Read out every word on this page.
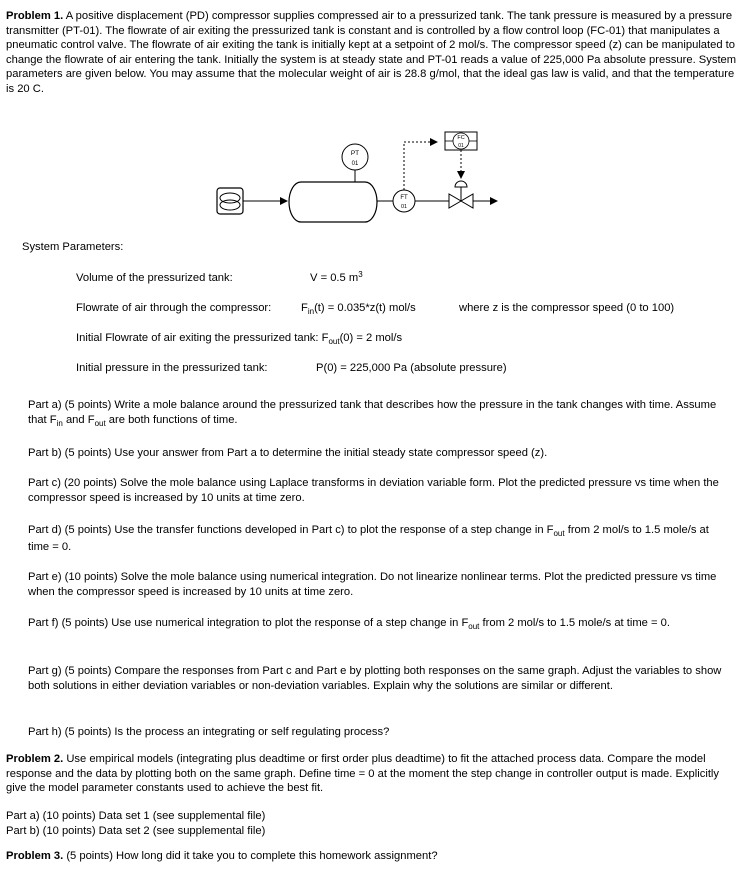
Problem 1. A positive displacement (PD) compressor supplies compressed air to a pressurized tank. The tank pressure is measured by a pressure transmitter (PT-01). The flowrate of air exiting the pressurized tank is constant and is controlled by a flow control loop (FC-01) that manipulates a pneumatic control valve. The flowrate of air exiting the tank is initially kept at a setpoint of 2 mol/s. The compressor speed (z) can be manipulated to change the flowrate of air entering the tank. Initially the system is at steady state and PT-01 reads a value of 225,000 Pa absolute pressure. System parameters are given below. You may assume that the molecular weight of air is 28.8 g/mol, that the ideal gas law is valid, and that the temperature is 20 C.
PT
01
FT
01
FC
01
System Parameters:
Volume of the pressurized tank:	V = 0.5 $m^3$
Flowrate of air through the compressor:	$F_{in}(t) = 0.035*z(t)$ mol/s	where z is the compressor speed (0 to 100)
Initial Flowrate of air exiting the pressurized tank: $F_{out}(0) = 2$ mol/s
Initial pressure in the pressurized tank:	P(0) = 225,000 Pa (absolute pressure)
Part a) (5 points) Write a mole balance around the pressurized tank that describes how the pressure in the tank changes with time. Assume that $F_{in}$ and $F_{out}$ are both functions of time.
Part b) (5 points) Use your answer from Part a to determine the initial steady state compressor speed (z).
Part c) (20 points) Solve the mole balance using Laplace transforms in deviation variable form. Plot the predicted pressure vs time when the compressor speed is increased by 10 units at time zero.
Part d) (5 points) Use the transfer functions developed in Part c) to plot the response of a step change in $F_{out}$ from 2 mol/s to 1.5 mole/s at time = 0.
Part e) (10 points) Solve the mole balance using numerical integration. Do not linearize nonlinear terms. Plot the predicted pressure vs time when the compressor speed is increased by 10 units at time zero.
Part f) (5 points) Use use numerical integration to plot the response of a step change in $F_{out}$ from 2 mol/s to 1.5 mole/s at time = 0.
Part g) (5 points) Compare the responses from Part c and Part e by plotting both responses on the same graph. Adjust the variables to show both solutions in either deviation variables or non-deviation variables. Explain why the solutions are similar or different.
Part h) (5 points) Is the process an integrating or self regulating process?
Problem 2. Use empirical models (integrating plus deadtime or first order plus deadtime) to fit the attached process data. Compare the model response and the data by plotting both on the same graph. Define time = 0 at the moment the step change in controller output is made. Explicitly give the model parameter constants used to achieve the best fit.
Part a) (10 points) Data set 1 (see supplemental file)
Part b) (10 points) Data set 2 (see supplemental file)
Problem 3. (5 points) How long did it take you to complete this homework assignment?
